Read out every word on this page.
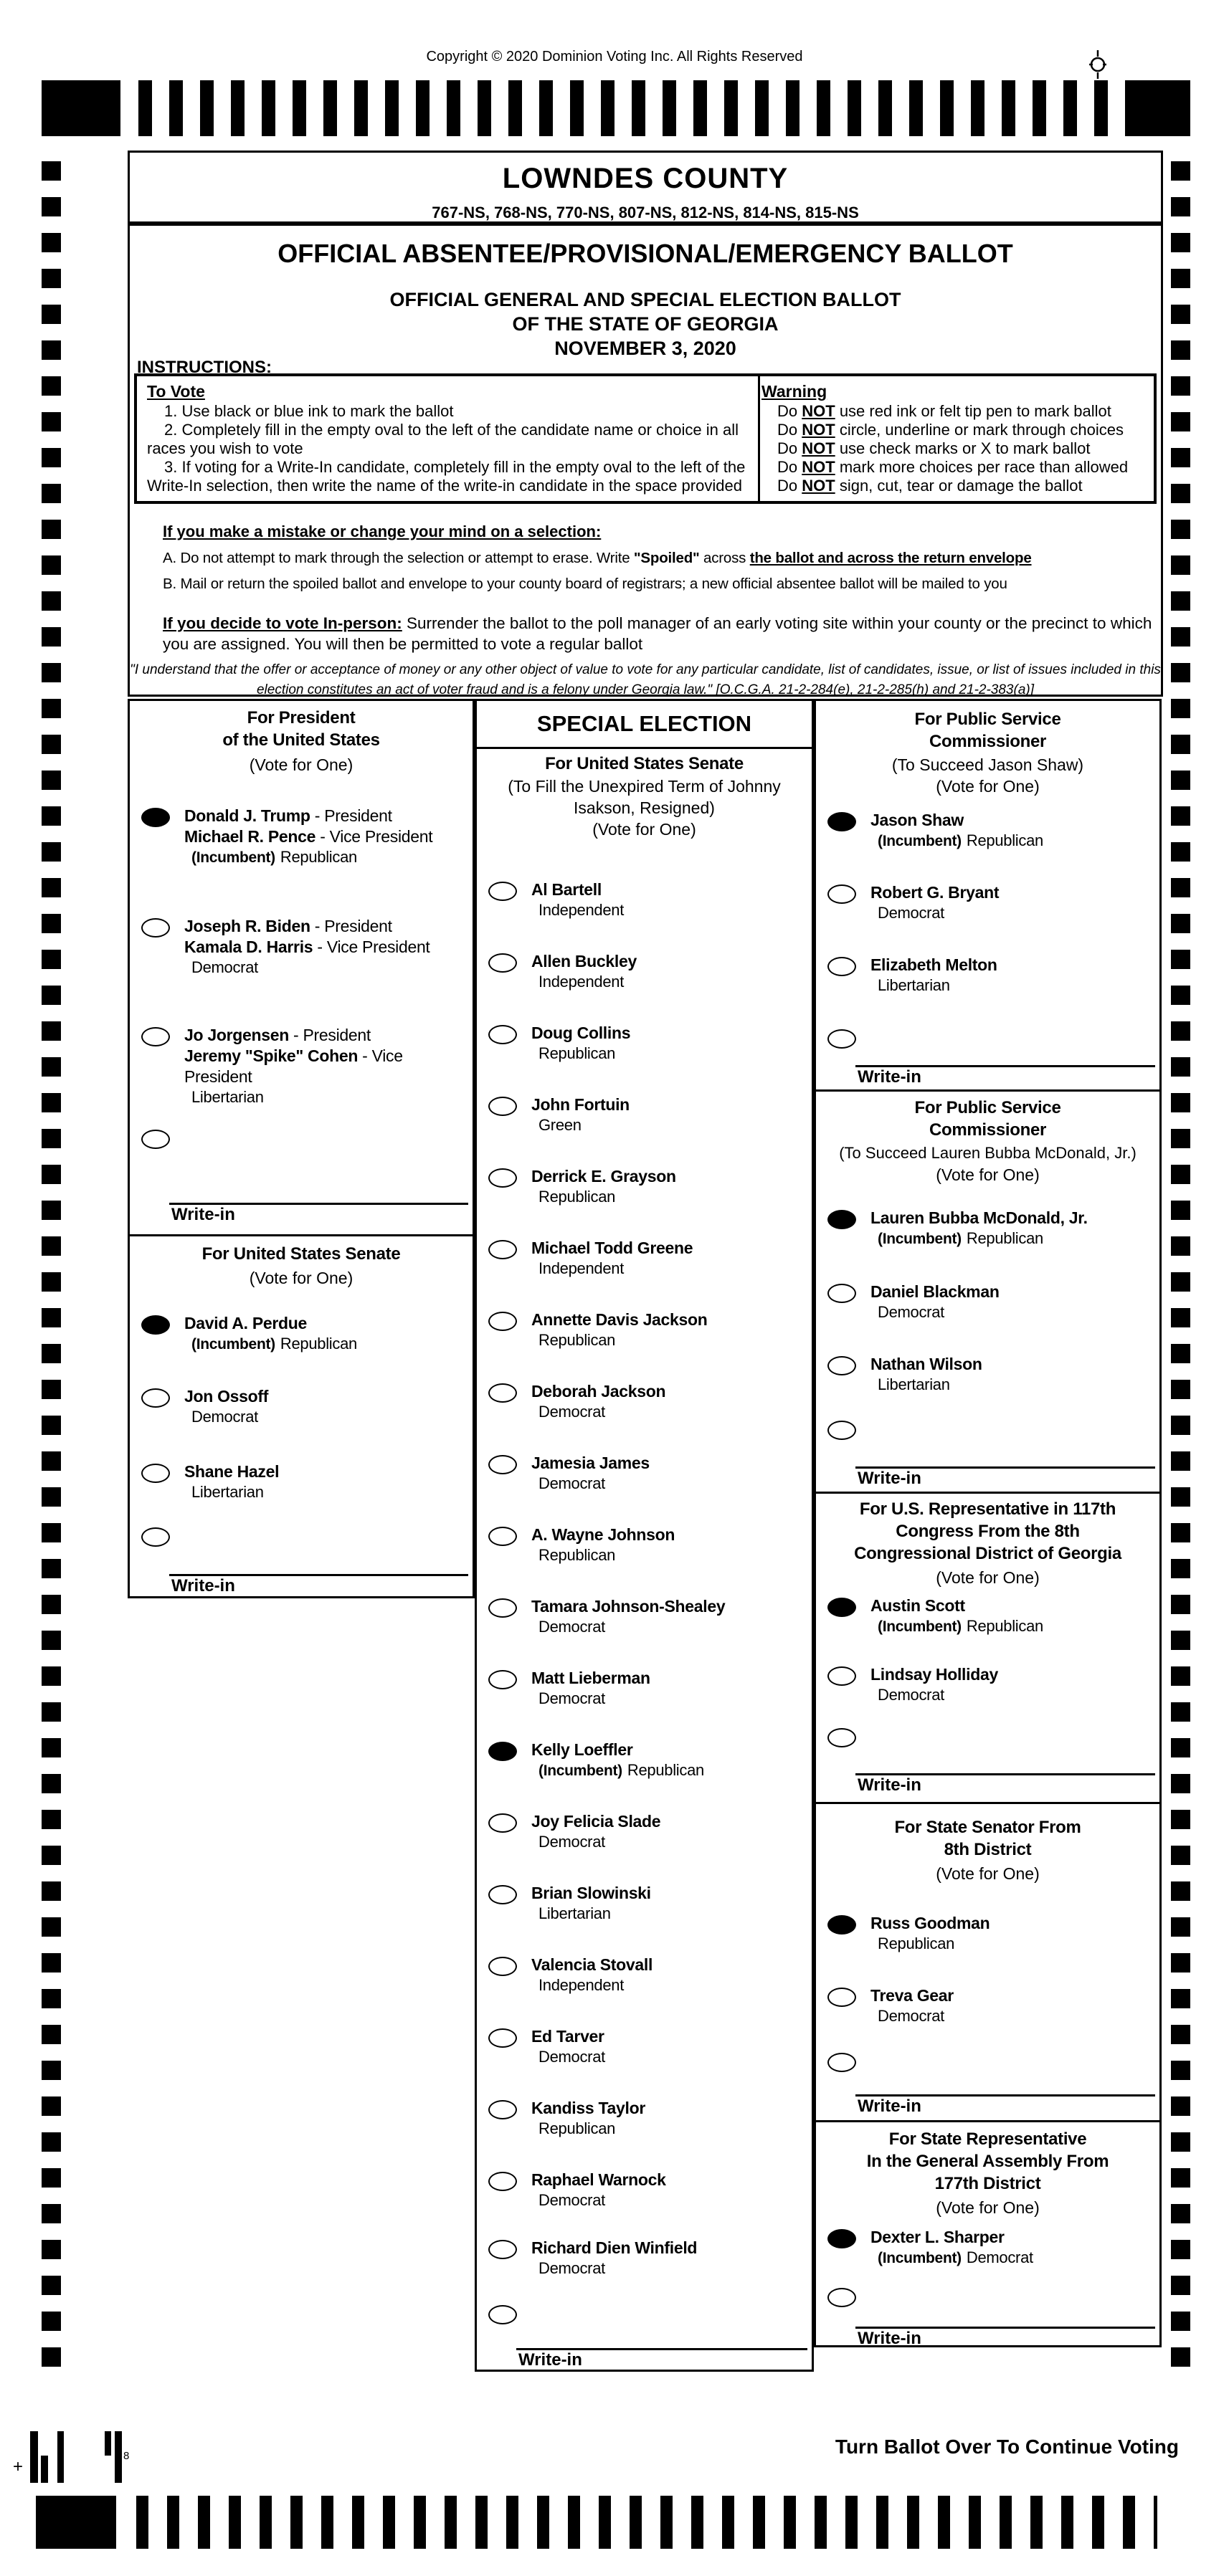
Copyright © 2020 Dominion Voting Inc. All Rights Reserved
LOWNDES COUNTY
767-NS, 768-NS, 770-NS, 807-NS, 812-NS, 814-NS, 815-NS
OFFICIAL ABSENTEE/PROVISIONAL/EMERGENCY BALLOT
OFFICIAL GENERAL AND SPECIAL ELECTION BALLOT
OF THE STATE OF GEORGIA
NOVEMBER 3, 2020
INSTRUCTIONS:
To Vote
1. Use black or blue ink to mark the ballot
2. Completely fill in the empty oval to the left of the candidate name or choice in all races you wish to vote
3. If voting for a Write-In candidate, completely fill in the empty oval to the left of the Write-In selection, then write the name of the write-in candidate in the space provided
Warning
Do NOT use red ink or felt tip pen to mark ballot
Do NOT circle, underline or mark through choices
Do NOT use check marks or X to mark ballot
Do NOT mark more choices per race than allowed
Do NOT sign, cut, tear or damage the ballot
If you make a mistake or change your mind on a selection:
A. Do not attempt to mark through the selection or attempt to erase. Write "Spoiled" across the ballot and across the return envelope
B. Mail or return the spoiled ballot and envelope to your county board of registrars; a new official absentee ballot will be mailed to you
If you decide to vote In-person: Surrender the ballot to the poll manager of an early voting site within your county or the precinct to which you are assigned. You will then be permitted to vote a regular ballot
"I understand that the offer or acceptance of money or any other object of value to vote for any particular candidate, list of candidates, issue, or list of issues included in this
election constitutes an act of voter fraud and is a felony under Georgia law." [O.C.G.A. 21-2-284(e), 21-2-285(h) and 21-2-383(a)]
For President
of the United States
(Vote for One)
Donald J. Trump - President
Michael R. Pence - Vice President
(Incumbent) Republican
Joseph R. Biden - President
Kamala D. Harris - Vice President
Democrat
Jo Jorgensen - President
Jeremy "Spike" Cohen - Vice President
Libertarian
Write-in
For United States Senate
(Vote for One)
David A. Perdue
(Incumbent) Republican
Jon Ossoff
Democrat
Shane Hazel
Libertarian
Write-in
SPECIAL ELECTION
For United States Senate
(To Fill the Unexpired Term of Johnny
Isakson, Resigned)
(Vote for One)
Al Bartell
Independent
Allen Buckley
Independent
Doug Collins
Republican
John Fortuin
Green
Derrick E. Grayson
Republican
Michael Todd Greene
Independent
Annette Davis Jackson
Republican
Deborah Jackson
Democrat
Jamesia James
Democrat
A. Wayne Johnson
Republican
Tamara Johnson-Shealey
Democrat
Matt Lieberman
Democrat
Kelly Loeffler
(Incumbent) Republican
Joy Felicia Slade
Democrat
Brian Slowinski
Libertarian
Valencia Stovall
Independent
Ed Tarver
Democrat
Kandiss Taylor
Republican
Raphael Warnock
Democrat
Richard Dien Winfield
Democrat
Write-in
For Public Service
Commissioner
(To Succeed Jason Shaw)
(Vote for One)
Jason Shaw
(Incumbent) Republican
Robert G. Bryant
Democrat
Elizabeth Melton
Libertarian
Write-in
For Public Service
Commissioner
(To Succeed Lauren Bubba McDonald, Jr.)
(Vote for One)
Lauren Bubba McDonald, Jr.
(Incumbent) Republican
Daniel Blackman
Democrat
Nathan Wilson
Libertarian
Write-in
For U.S. Representative in 117th
Congress From the 8th
Congressional District of Georgia
(Vote for One)
Austin Scott
(Incumbent) Republican
Lindsay Holliday
Democrat
Write-in
For State Senator From
8th District
(Vote for One)
Russ Goodman
Republican
Treva Gear
Democrat
Write-in
For State Representative
In the General Assembly From
177th District
(Vote for One)
Dexter L. Sharper
(Incumbent) Democrat
Write-in
+
8	Turn Ballot Over To Continue Voting
